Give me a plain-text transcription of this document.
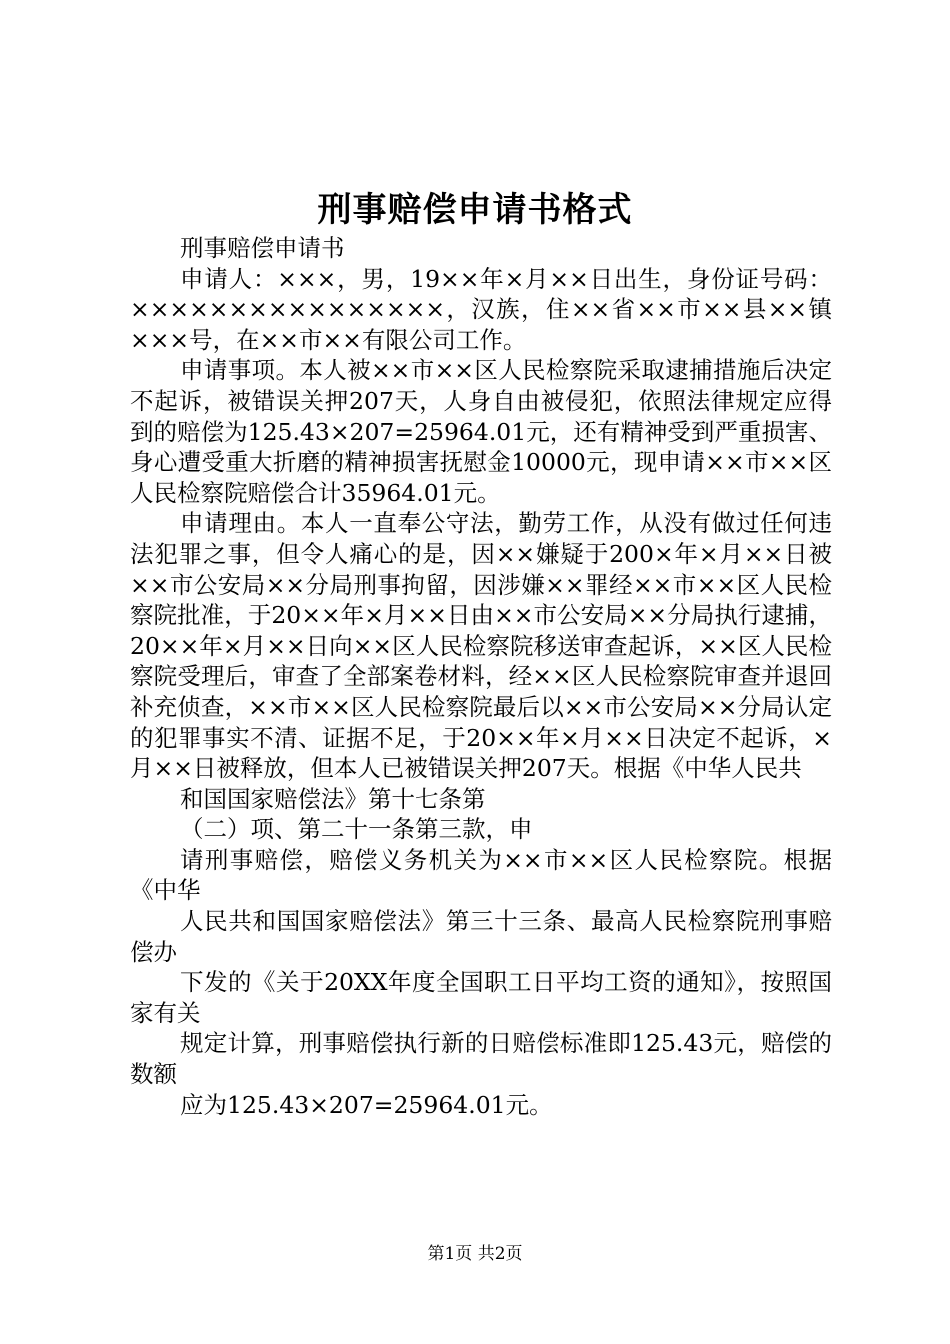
刑事赔偿申请书格式

刑事赔偿申请书

申请人：×××，男，19××年×月××日出生，身份证号码：××××××××××××××××，汉族，住××省××市××县××镇×××号，在××市××有限公司工作。

申请事项。本人被××市××区人民检察院采取逮捕措施后决定不起诉，被错误关押207天，人身自由被侵犯，依照法律规定应得到的赔偿为125.43×207=25964.01元，还有精神受到严重损害、身心遭受重大折磨的精神损害抚慰金10000元，现申请××市××区人民检察院赔偿合计35964.01元。

申请理由。本人一直奉公守法，勤劳工作，从没有做过任何违法犯罪之事，但令人痛心的是，因××嫌疑于200×年×月××日被××市公安局××分局刑事拘留，因涉嫌××罪经××市××区人民检察院批准，于20××年×月××日由××市公安局××分局执行逮捕，20××年×月××日向××区人民检察院移送审查起诉，××区人民检察院受理后，审查了全部案卷材料，经××区人民检察院审查并退回补充侦查，××市××区人民检察院最后以××市公安局××分局认定的犯罪事实不清、证据不足，于20××年×月××日决定不起诉，×月××日被释放，但本人已被错误关押207天。根据《中华人民共

和国国家赔偿法》第十七条第

（二）项、第二十一条第三款，申

请刑事赔偿，赔偿义务机关为××市××区人民检察院。根据《中华

人民共和国国家赔偿法》第三十三条、最高人民检察院刑事赔偿办

下发的《关于20XX年度全国职工日平均工资的通知》，按照国家有关

规定计算，刑事赔偿执行新的日赔偿标准即125.43元，赔偿的数额

应为125.43×207=25964.01元。

第1页 共2页
